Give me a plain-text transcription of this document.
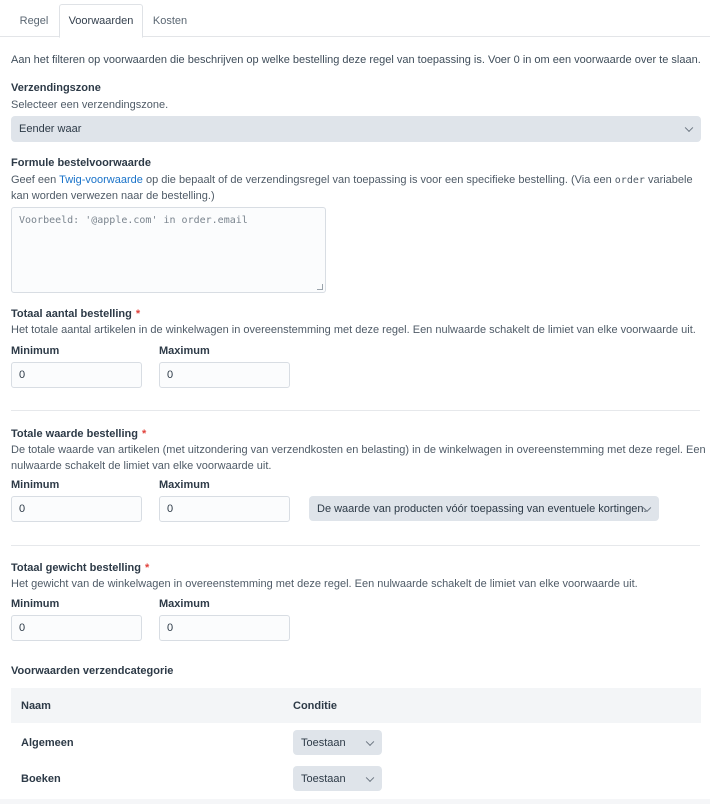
Regel	Voorwaarden	Kosten
Aan het filteren op voorwaarden die beschrijven op welke bestelling deze regel van toepassing is. Voer 0 in om een voorwaarde over te slaan.
Verzendingszone
Selecteer een verzendingszone.
Eender waar
Formule bestelvoorwaarde
Geef een Twig-voorwaarde op die bepaalt of de verzendingsregel van toepassing is voor een specifieke bestelling. (Via een order variabele
kan worden verwezen naar de bestelling.)
Voorbeeld: '@apple.com' in order.email
Totaal aantal bestelling *
Het totale aantal artikelen in de winkelwagen in overeenstemming met deze regel. Een nulwaarde schakelt de limiet van elke voorwaarde uit.
Minimum	Maximum
0	0
Totale waarde bestelling *
De totale waarde van artikelen (met uitzondering van verzendkosten en belasting) in de winkelwagen in overeenstemming met deze regel. Een
nulwaarde schakelt de limiet van elke voorwaarde uit.
Minimum	Maximum
0	0	De waarde van producten vóór toepassing van eventuele kortingen.
Totaal gewicht bestelling *
Het gewicht van de winkelwagen in overeenstemming met deze regel. Een nulwaarde schakelt de limiet van elke voorwaarde uit.
Minimum	Maximum
0	0
Voorwaarden verzendcategorie
Naam	Conditie
Algemeen	Toestaan
Boeken	Toestaan
